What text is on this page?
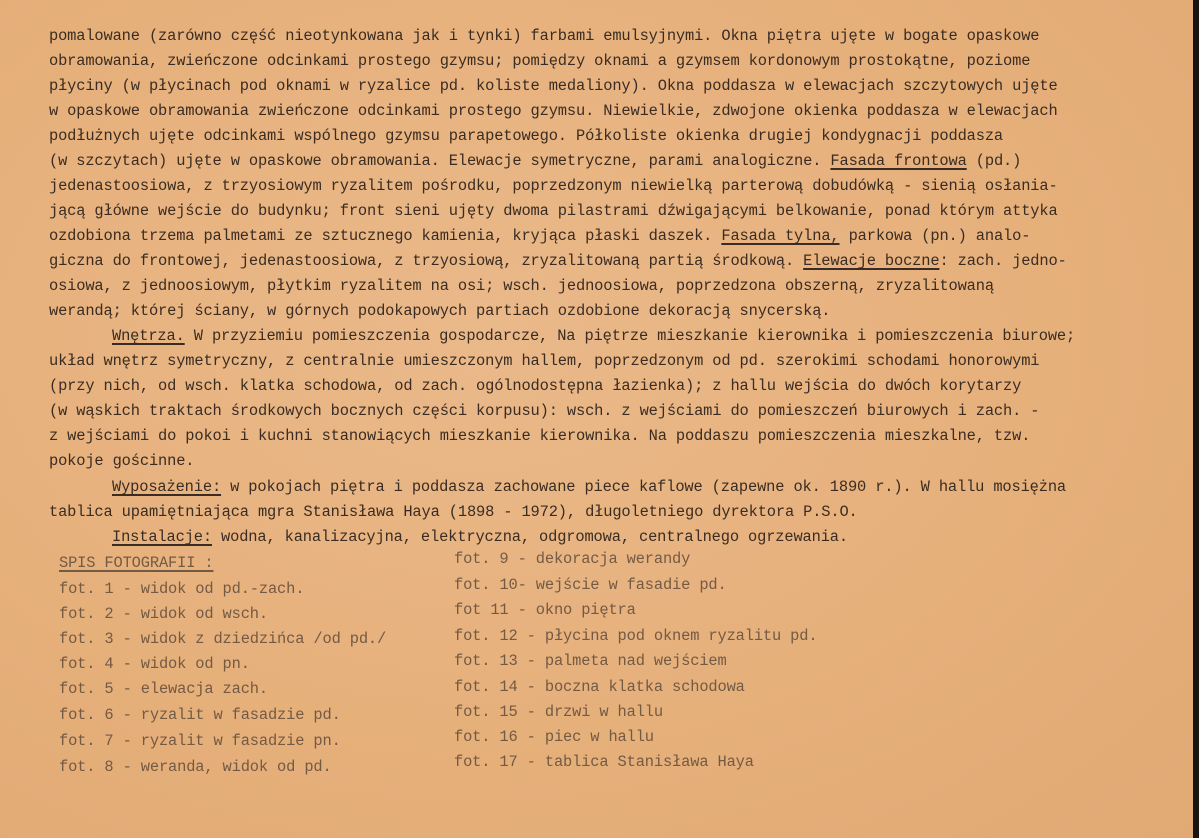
pomalowane (zarówno część nieotynkowana jak i tynki) farbami emulsyjnymi. Okna piętra ujęte w bogate opaskowe
obramowania, zwieńczone odcinkami prostego gzymsu; pomiędzy oknami a gzymsem kordonowym prostokątne, poziome
płyciny (w płycinach pod oknami w ryzalice pd. koliste medaliony). Okna poddasza w elewacjach szczytowych ujęte
w opaskowe obramowania zwieńczone odcinkami prostego gzymsu. Niewielkie, zdwojone okienka poddasza w elewacjach
podłużnych ujęte odcinkami wspólnego gzymsu parapetowego. Półkoliste okienka drugiej kondygnacji poddasza
(w szczytach) ujęte w opaskowe obramowania. Elewacje symetryczne, parami analogiczne. Fasada frontowa (pd.)
jedenastoosiowa, z trzyosiowym ryzalitem pośrodku, poprzedzonym niewielką parterową dobudówką - sienią osłania-
jącą główne wejście do budynku; front sieni ujęty dwoma pilastrami dźwigającymi belkowanie, ponad którym attyka
ozdobiona trzema palmetami ze sztucznego kamienia, kryjąca płaski daszek. Fasada tylna, parkowa (pn.) analo-
giczna do frontowej, jedenastoosiowa, z trzyosiową, zryzalitowaną partią środkową. Elewacje boczne: zach. jedno-
osiowa, z jednoosiowym, płytkim ryzalitem na osi; wsch. jednoosiowa, poprzedzona obszerną, zryzalitowaną
werandą; której ściany, w górnych podokapowych partiach ozdobione dekoracją snycerską.
Wnętrza. W przyziemiu pomieszczenia gospodarcze, Na piętrze mieszkanie kierownika i pomieszczenia biurowe;
układ wnętrz symetryczny, z centralnie umieszczonym hallem, poprzedzonym od pd. szerokimi schodami honorowymi
(przy nich, od wsch. klatka schodowa, od zach. ogólnodostępna łazienka); z hallu wejścia do dwóch korytarzy
(w wąskich traktach środkowych bocznych części korpusu): wsch. z wejściami do pomieszczeń biurowych i zach. -
z wejściami do pokoi i kuchni stanowiących mieszkanie kierownika. Na poddaszu pomieszczenia mieszkalne, tzw.
pokoje gościnne.
Wyposażenie: w pokojach piętra i poddasza zachowane piece kaflowe (zapewne ok. 1890 r.). W hallu mosiężna
tablica upamiętniająca mgra Stanisława Haya (1898 - 1972), długoletniego dyrektora P.S.O.
Instalacje: wodna, kanalizacyjna, elektryczna, odgromowa, centralnego ogrzewania.
SPIS FOTOGRAFII :
fot. 1 - widok od pd.-zach.
fot. 2 - widok od wsch.
fot. 3 - widok z dziedzińca /od pd./
fot. 4 - widok od pn.
fot. 5 - elewacja zach.
fot. 6 - ryzalit w fasadzie pd.
fot. 7 - ryzalit w fasadzie pn.
fot. 8 - weranda, widok od pd.
fot. 9 - dekoracja werandy
fot. 10- wejście w fasadie pd.
fot 11 - okno piętra
fot. 12 - płycina pod oknem ryzalitu pd.
fot. 13 - palmeta nad wejściem
fot. 14 - boczna klatka schodowa
fot. 15 - drzwi w hallu
fot. 16 - piec w hallu
fot. 17 - tablica Stanisława Haya
